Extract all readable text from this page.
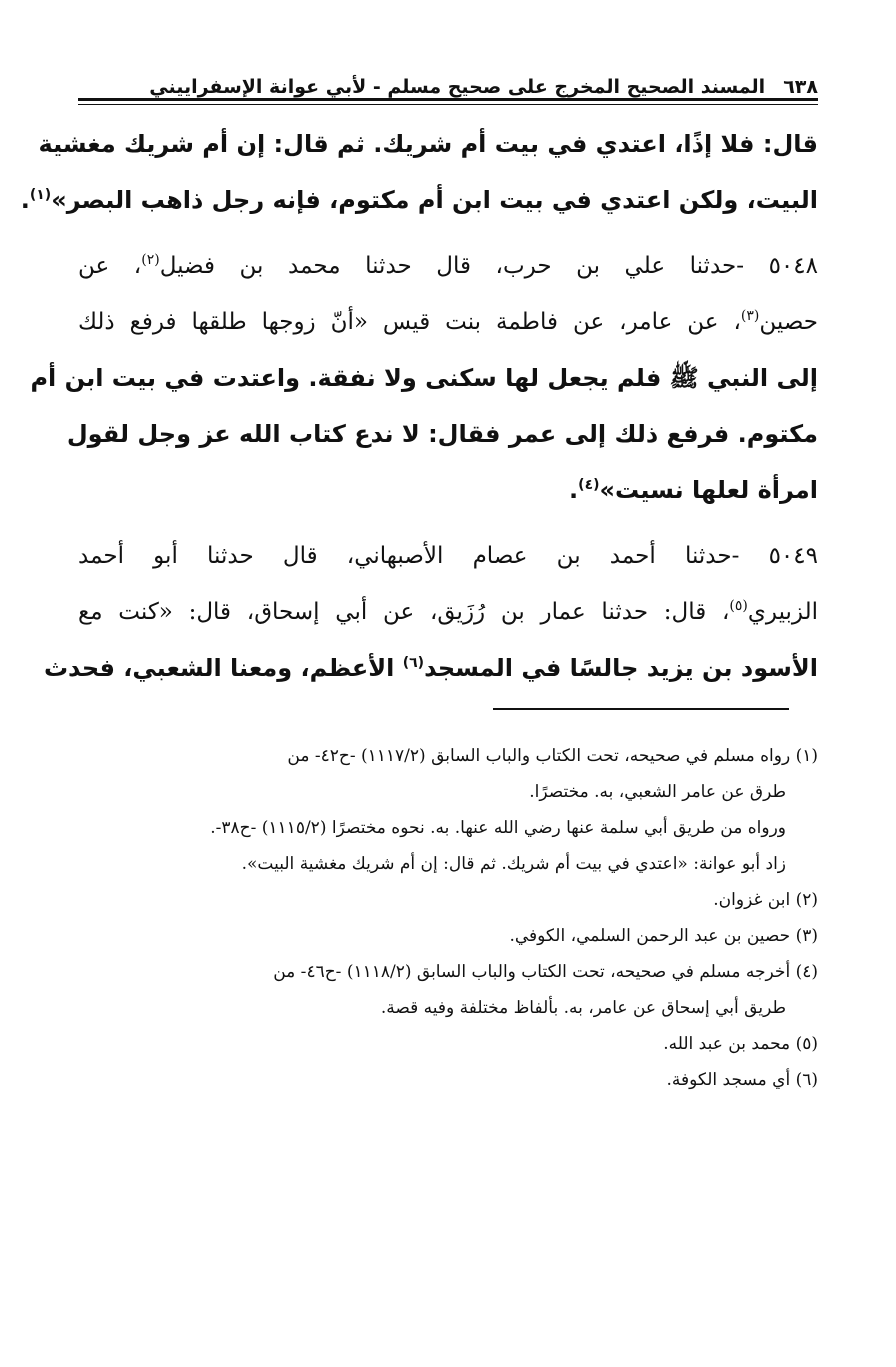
٦٣٨
المسند الصحيح المخرج على صحيح مسلم - لأبي عوانة الإسفراييني
قال: فلا إذًا، اعتدي في بيت أم شريك. ثم قال: إن أم شريك مغشية
البيت، ولكن اعتدي في بيت ابن أم مكتوم، فإنه رجل ذاهب البصر»$^{(١)}$.
٥٠٤٨ -حدثنا علي بن حرب، قال حدثنا محمد بن فضيل$^{(٢)}$، عن
حصين$^{(٣)}$، عن عامر، عن فاطمة بنت قيس «أنّ زوجها طلقها فرفع ذلك
إلى النبي ﷺ فلم يجعل لها سكنى ولا نفقة. واعتدت في بيت ابن أم
مكتوم. فرفع ذلك إلى عمر فقال: لا ندع كتاب الله عز وجل لقول
امرأة لعلها نسيت»$^{(٤)}$.
٥٠٤٩ -حدثنا أحمد بن عصام الأصبهاني، قال حدثنا أبو أحمد
الزبيري$^{(٥)}$، قال: حدثنا عمار بن رُزَيق، عن أبي إسحاق، قال: «كنت مع
الأسود بن يزيد جالسًا في المسجد$^{(٦)}$ الأعظم، ومعنا الشعبي، فحدث
(١) رواه مسلم في صحيحه، تحت الكتاب والباب السابق (١١١٧/٢) -ح٤٢- من
طرق عن عامر الشعبي، به. مختصرًا.
ورواه من طريق أبي سلمة عنها رضي الله عنها. به. نحوه مختصرًا (١١١٥/٢) -ح٣٨-.
زاد أبو عوانة: «اعتدي في بيت أم شريك. ثم قال: إن أم شريك مغشية البيت».
(٢) ابن غزوان.
(٣) حصين بن عبد الرحمن السلمي، الكوفي.
(٤) أخرجه مسلم في صحيحه، تحت الكتاب والباب السابق (١١١٨/٢) -ح٤٦- من
طريق أبي إسحاق عن عامر، به. بألفاظ مختلفة وفيه قصة.
(٥) محمد بن عبد الله.
(٦) أي مسجد الكوفة.
